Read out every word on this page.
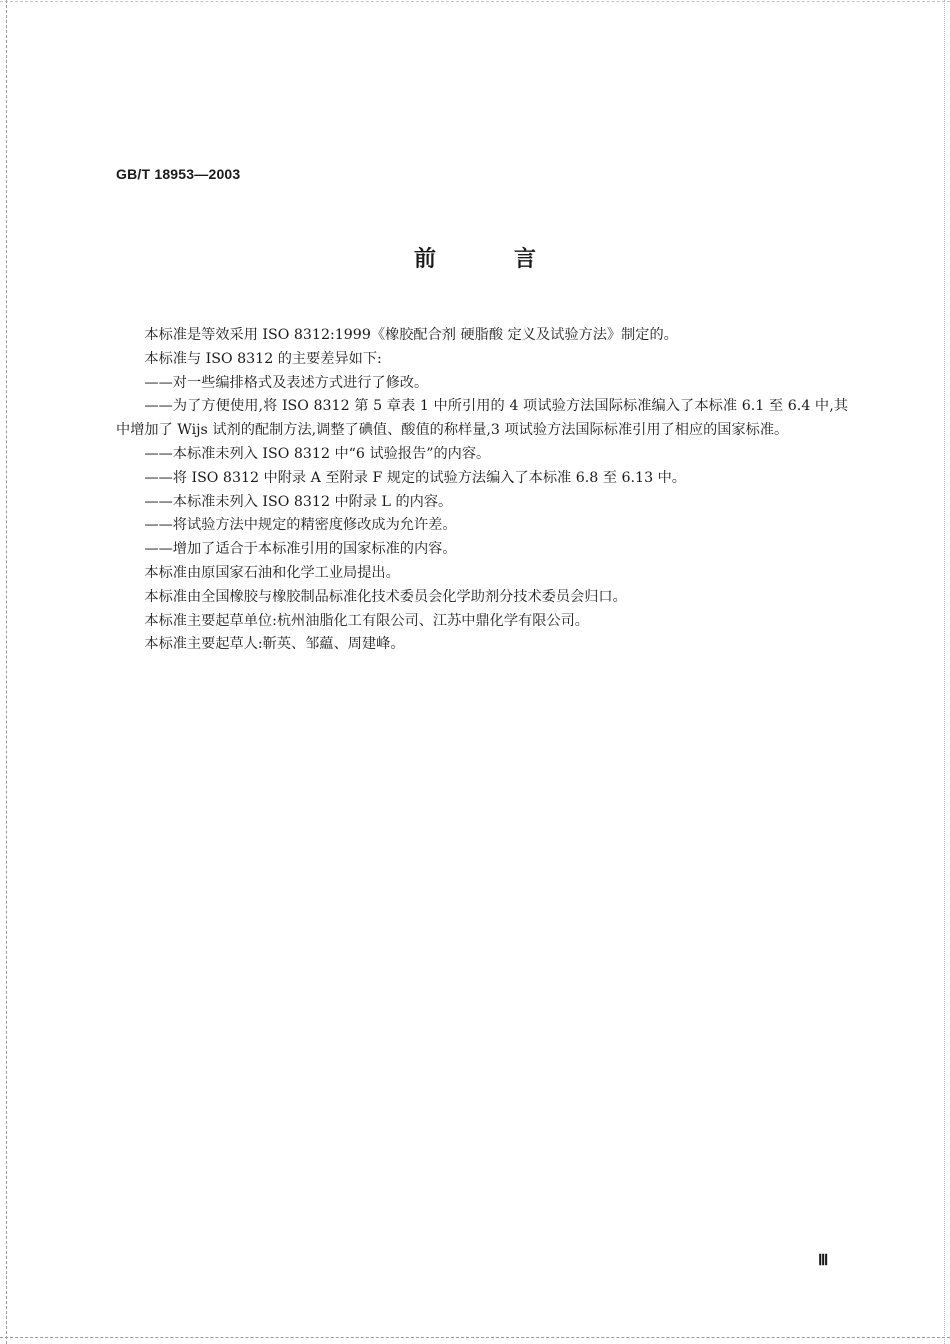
GB/T 18953—2003
前言

本标准是等效采用 ISO 8312:1999《橡胶配合剂 硬脂酸 定义及试验方法》制定的。

本标准与 ISO 8312 的主要差异如下:

——对一些编排格式及表述方式进行了修改。

——为了方便使用,将 ISO 8312 第 5 章表 1 中所引用的 4 项试验方法国际标准编入了本标准 6.1 至 6.4 中,其中增加了 Wijs 试剂的配制方法,调整了碘值、酸值的称样量,3 项试验方法国际标准引用了相应的国家标准。

——本标准未列入 ISO 8312 中“6 试验报告”的内容。

——将 ISO 8312 中附录 A 至附录 F 规定的试验方法编入了本标准 6.8 至 6.13 中。

——本标准未列入 ISO 8312 中附录 L 的内容。

——将试验方法中规定的精密度修改成为允许差。

——增加了适合于本标准引用的国家标准的内容。

本标准由原国家石油和化学工业局提出。

本标准由全国橡胶与橡胶制品标准化技术委员会化学助剂分技术委员会归口。

本标准主要起草单位:杭州油脂化工有限公司、江苏中鼎化学有限公司。

本标准主要起草人:靳英、邹藴、周建峰。

Ⅲ
